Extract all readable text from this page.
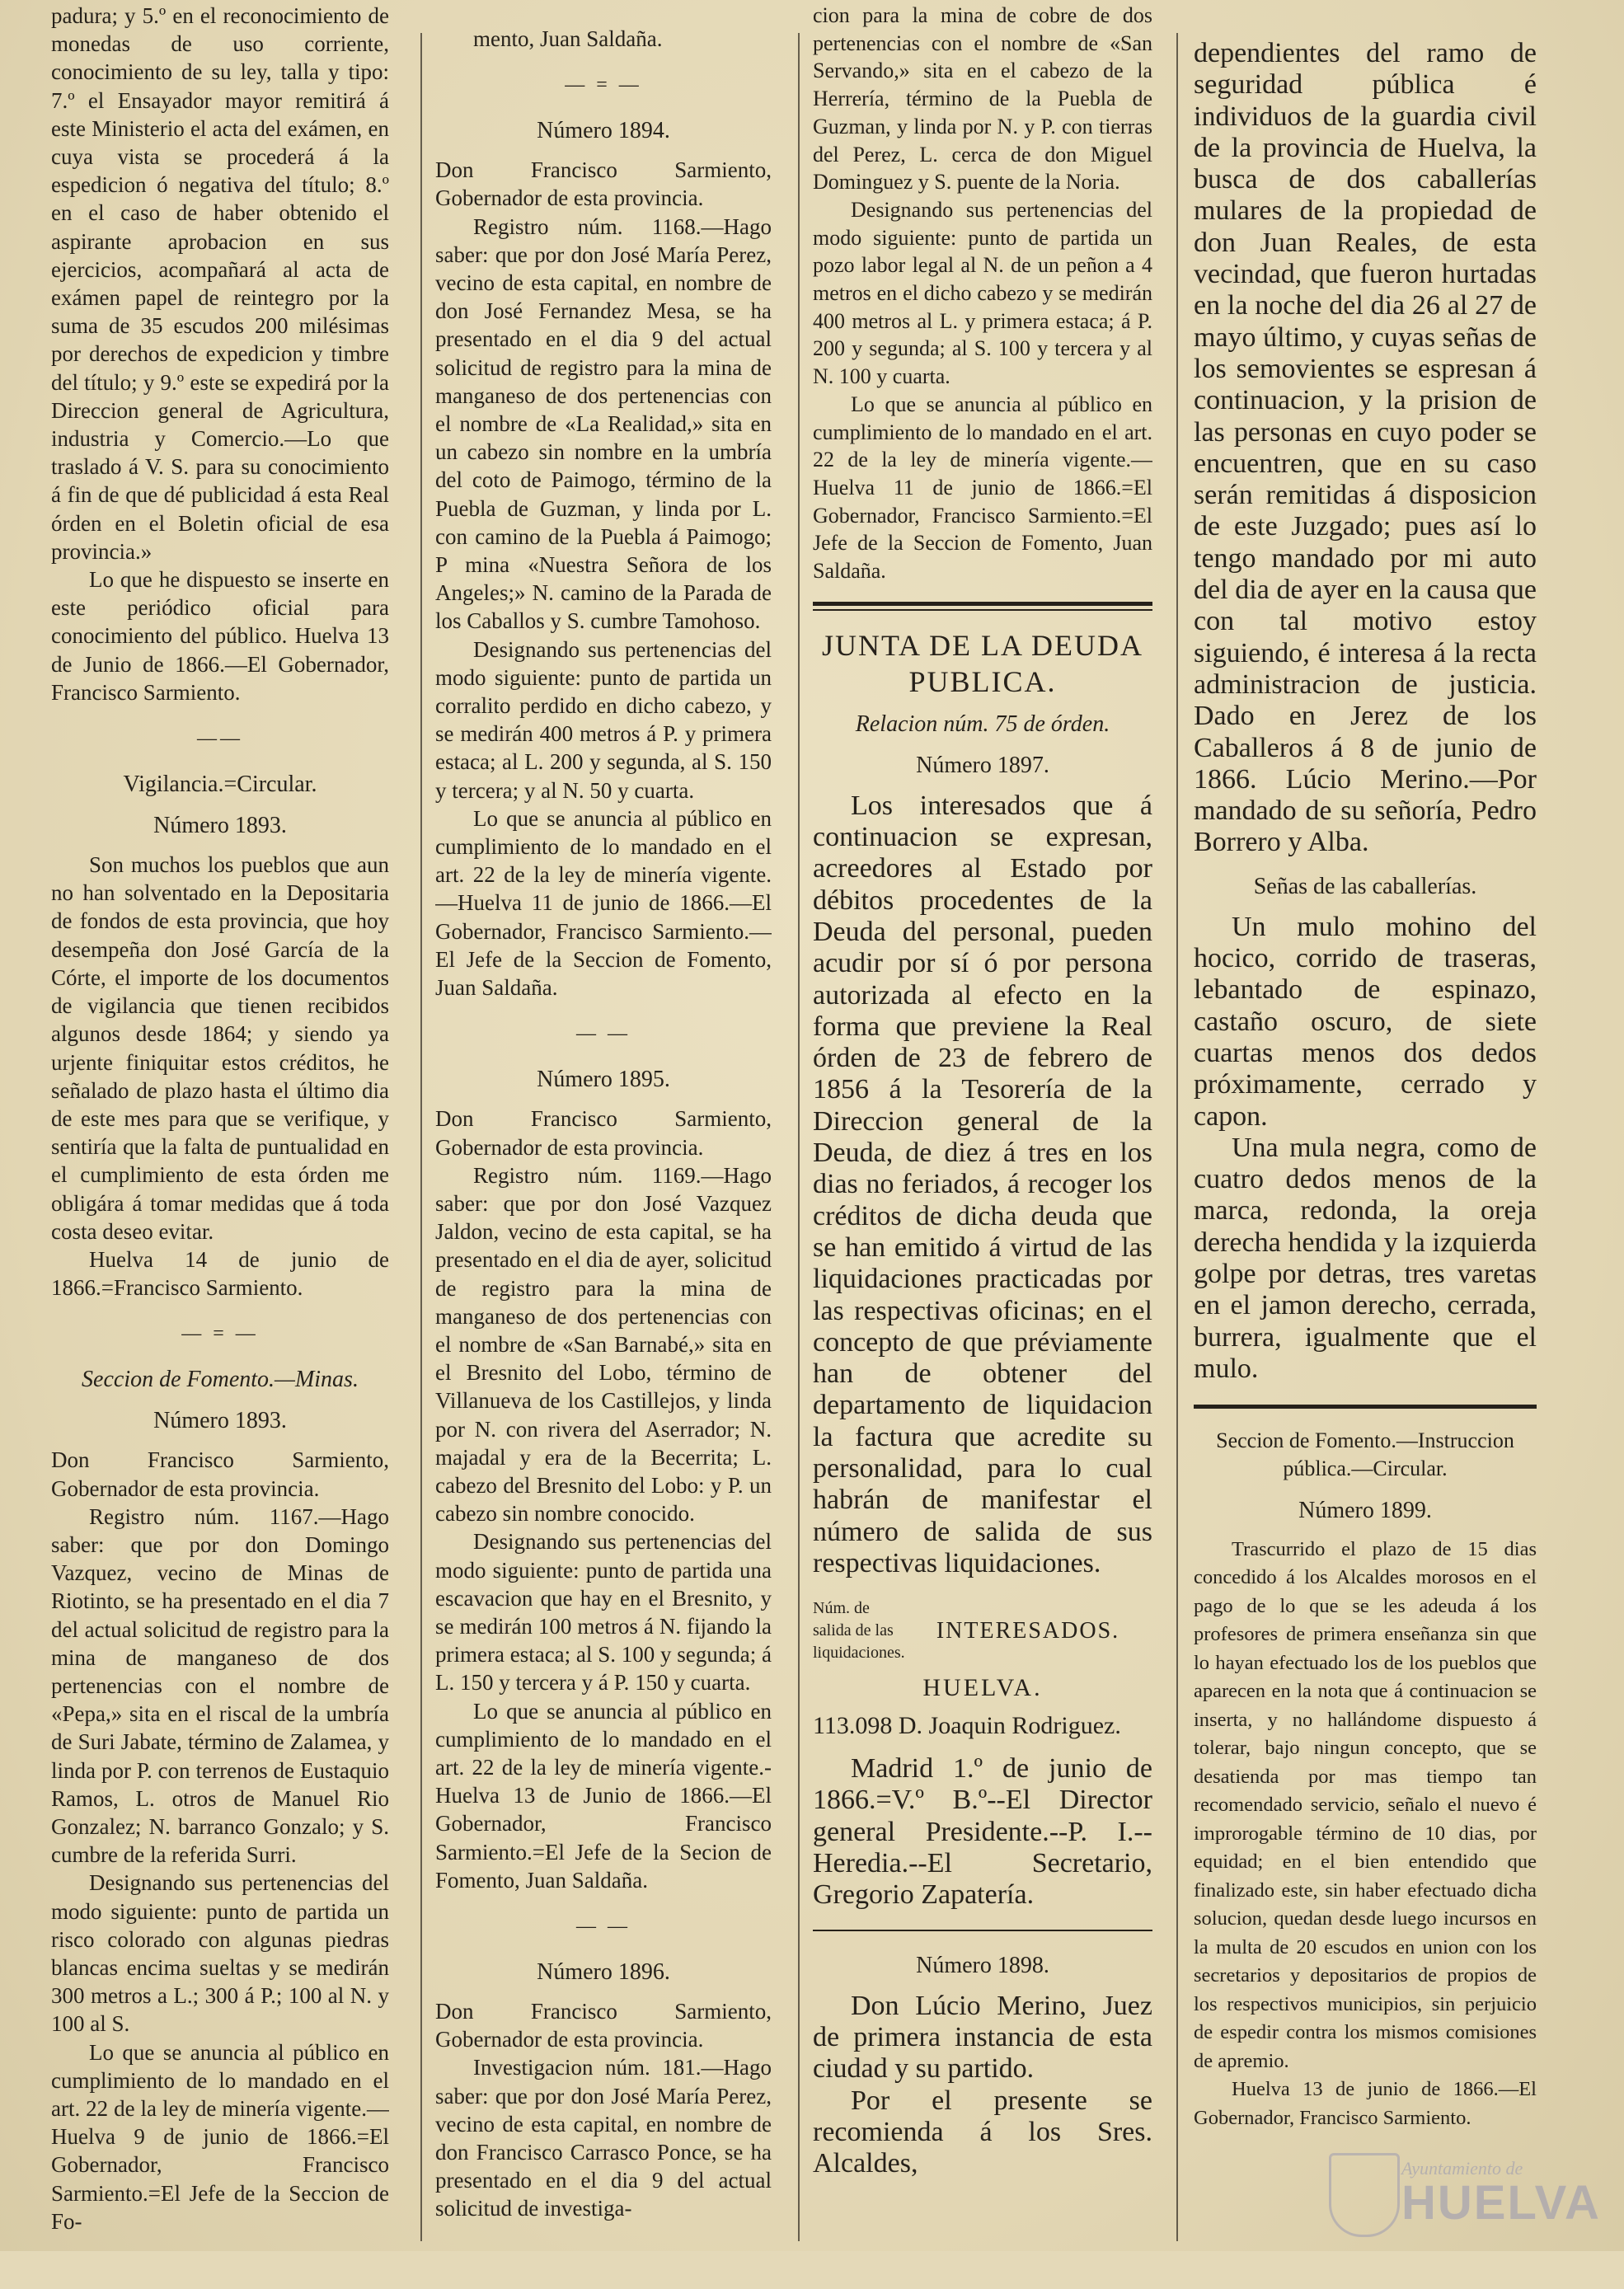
padura; y 5.º en el reconocimiento de monedas de uso corriente, conocimiento de su ley, talla y tipo: 7.º el Ensayador mayor remitirá á este Ministerio el acta del exámen, en cuya vista se procederá á la espedicion ó negativa del título; 8.º en el caso de haber obtenido el aspirante aprobacion en sus ejercicios, acompañará al acta de exámen papel de reintegro por la suma de 35 escudos 200 milésimas por derechos de expedicion y timbre del título; y 9.º este se expedirá por la Direccion general de Agricultura, industria y Comercio.—Lo que traslado á V. S. para su conocimiento á fin de que dé publicidad á esta Real órden en el Boletin oficial de esa provincia.»

Lo que he dispuesto se inserte en este periódico oficial para conocimiento del público. Huelva 13 de Junio de 1866.—El Gobernador, Francisco Sarmiento.

——
Vigilancia.=Circular.
Número 1893.

Son muchos los pueblos que aun no han solventado en la Depositaria de fondos de esta provincia, que hoy desempeña don José García de la Córte, el importe de los documentos de vigilancia que tienen recibidos algunos desde 1864; y siendo ya urjente finiquitar estos créditos, he señalado de plazo hasta el último dia de este mes para que se verifique, y sentiría que la falta de puntualidad en el cumplimiento de esta órden me obligára á tomar medidas que á toda costa deseo evitar.

Huelva 14 de junio de 1866.=Francisco Sarmiento.

— = —
Seccion de Fomento.—Minas.
Número 1893.

Don Francisco Sarmiento, Gobernador de esta provincia.

Registro núm. 1167.—Hago saber: que por don Domingo Vazquez, vecino de Minas de Riotinto, se ha presentado en el dia 7 del actual solicitud de registro para la mina de manganeso de dos pertenencias con el nombre de «Pepa,» sita en el riscal de la umbría de Suri Jabate, término de Zalamea, y linda por P. con terrenos de Eustaquio Ramos, L. otros de Manuel Rio Gonzalez; N. barranco Gonzalo; y S. cumbre de la referida Surri.

Designando sus pertenencias del modo siguiente: punto de partida un risco colorado con algunas piedras blancas encima sueltas y se medirán 300 metros a L.; 300 á P.; 100 al N. y 100 al S.

Lo que se anuncia al público en cumplimiento de lo mandado en el art. 22 de la ley de minería vigente.—Huelva 9 de junio de 1866.=El Gobernador, Francisco Sarmiento.=El Jefe de la Seccion de Fo-

mento, Juan Saldaña.

— = —
Número 1894.

Don Francisco Sarmiento, Gobernador de esta provincia.

Registro núm. 1168.—Hago saber: que por don José María Perez, vecino de esta capital, en nombre de don José Fernandez Mesa, se ha presentado en el dia 9 del actual solicitud de registro para la mina de manganeso de dos pertenencias con el nombre de «La Realidad,» sita en un cabezo sin nombre en la umbría del coto de Paimogo, término de la Puebla de Guzman, y linda por L. con camino de la Puebla á Paimogo; P mina «Nuestra Señora de los Angeles;» N. camino de la Parada de los Caballos y S. cumbre Tamohoso.

Designando sus pertenencias del modo siguiente: punto de partida un corralito perdido en dicho cabezo, y se medirán 400 metros á P. y primera estaca; al L. 200 y segunda, al S. 150 y tercera; y al N. 50 y cuarta.

Lo que se anuncia al público en cumplimiento de lo mandado en el art. 22 de la ley de minería vigente.—Huelva 11 de junio de 1866.—El Gobernador, Francisco Sarmiento.—El Jefe de la Seccion de Fomento, Juan Saldaña.

— —
Número 1895.

Don Francisco Sarmiento, Gobernador de esta provincia.

Registro núm. 1169.—Hago saber: que por don José Vazquez Jaldon, vecino de esta capital, se ha presentado en el dia de ayer, solicitud de registro para la mina de manganeso de dos pertenencias con el nombre de «San Barnabé,» sita en el Bresnito del Lobo, término de Villanueva de los Castillejos, y linda por N. con rivera del Aserrador; N. majadal y era de la Becerrita; L. cabezo del Bresnito del Lobo: y P. un cabezo sin nombre conocido.

Designando sus pertenencias del modo siguiente: punto de partida una escavacion que hay en el Bresnito, y se medirán 100 metros á N. fijando la primera estaca; al S. 100 y segunda; á L. 150 y tercera y á P. 150 y cuarta.

Lo que se anuncia al público en cumplimiento de lo mandado en el art. 22 de la ley de minería vigente.-Huelva 13 de Junio de 1866.—El Gobernador, Francisco Sarmiento.=El Jefe de la Secion de Fomento, Juan Saldaña.

— —
Número 1896.

Don Francisco Sarmiento, Gobernador de esta provincia.

Investigacion núm. 181.—Hago saber: que por don José María Perez, vecino de esta capital, en nombre de don Francisco Carrasco Ponce, se ha presentado en el dia 9 del actual solicitud de investiga-

cion para la mina de cobre de dos pertenencias con el nombre de «San Servando,» sita en el cabezo de la Herrería, término de la Puebla de Guzman, y linda por N. y P. con tierras del Perez, L. cerca de don Miguel Dominguez y S. puente de la Noria.

Designando sus pertenencias del modo siguiente: punto de partida un pozo labor legal al N. de un peñon a 4 metros en el dicho cabezo y se medirán 400 metros al L. y primera estaca; á P. 200 y segunda; al S. 100 y tercera y al N. 100 y cuarta.

Lo que se anuncia al público en cumplimiento de lo mandado en el art. 22 de la ley de minería vigente.—Huelva 11 de junio de 1866.=El Gobernador, Francisco Sarmiento.=El Jefe de la Seccion de Fomento, Juan Saldaña.

JUNTA DE LA DEUDA PUBLICA.
Relacion núm. 75 de órden.
Número 1897.

Los interesados que á continuacion se expresan, acreedores al Estado por débitos procedentes de la Deuda del personal, pueden acudir por sí ó por persona autorizada al efecto en la forma que previene la Real órden de 23 de febrero de 1856 á la Tesorería de la Direccion general de la Deuda, de diez á tres en los dias no feriados, á recoger los créditos de dicha deuda que se han emitido á virtud de las liquidaciones practicadas por las respectivas oficinas; en el concepto de que préviamente han de obtener del departamento de liquidacion la factura que acredite su personalidad, para lo cual habrán de manifestar el número de salida de sus respectivas liquidaciones.

Núm. de salida de las liquidaciones.
INTERESADOS.
HUELVA.
113.098 D. Joaquin Rodriguez.

Madrid 1.º de junio de 1866.=V.º B.º--El Director general Presidente.--P. I.--Heredia.--El Secretario, Gregorio Zapatería.

Número 1898.

Don Lúcio Merino, Juez de primera instancia de esta ciudad y su partido.

Por el presente se recomienda á los Sres. Alcaldes,

dependientes del ramo de seguridad pública é individuos de la guardia civil de la provincia de Huelva, la busca de dos caballerías mulares de la propiedad de don Juan Reales, de esta vecindad, que fueron hurtadas en la noche del dia 26 al 27 de mayo último, y cuyas señas de los semovientes se espresan á continuacion, y la prision de las personas en cuyo poder se encuentren, que en su caso serán remitidas á disposicion de este Juzgado; pues así lo tengo mandado por mi auto del dia de ayer en la causa que con tal motivo estoy siguiendo, é interesa á la recta administracion de justicia. Dado en Jerez de los Caballeros á 8 de junio de 1866. Lúcio Merino.—Por mandado de su señoría, Pedro Borrero y Alba.

Señas de las caballerías.

Un mulo mohino del hocico, corrido de traseras, lebantado de espinazo, castaño oscuro, de siete cuartas menos dos dedos próximamente, cerrado y capon.

Una mula negra, como de cuatro dedos menos de la marca, redonda, la oreja derecha hendida y la izquierda golpe por detras, tres varetas en el jamon derecho, cerrada, burrera, igualmente que el mulo.

Seccion de Fomento.—Instruccion pública.—Circular.

Número 1899.

Trascurrido el plazo de 15 dias concedido á los Alcaldes morosos en el pago de lo que se les adeuda á los profesores de primera enseñanza sin que lo hayan efectuado los de los pueblos que aparecen en la nota que á continuacion se inserta, y no hallándome dispuesto á tolerar, bajo ningun concepto, que se desatienda por mas tiempo tan recomendado servicio, señalo el nuevo é improrogable término de 10 dias, por equidad; en el bien entendido que finalizado este, sin haber efectuado dicha solucion, quedan desde luego incursos en la multa de 20 escudos en union con los secretarios y depositarios de propios de los respectivos municipios, sin perjuicio de espedir contra los mismos comisiones de apremio.

Huelva 13 de junio de 1866.—El Gobernador, Francisco Sarmiento.

Ayuntamiento de
HUELVA
